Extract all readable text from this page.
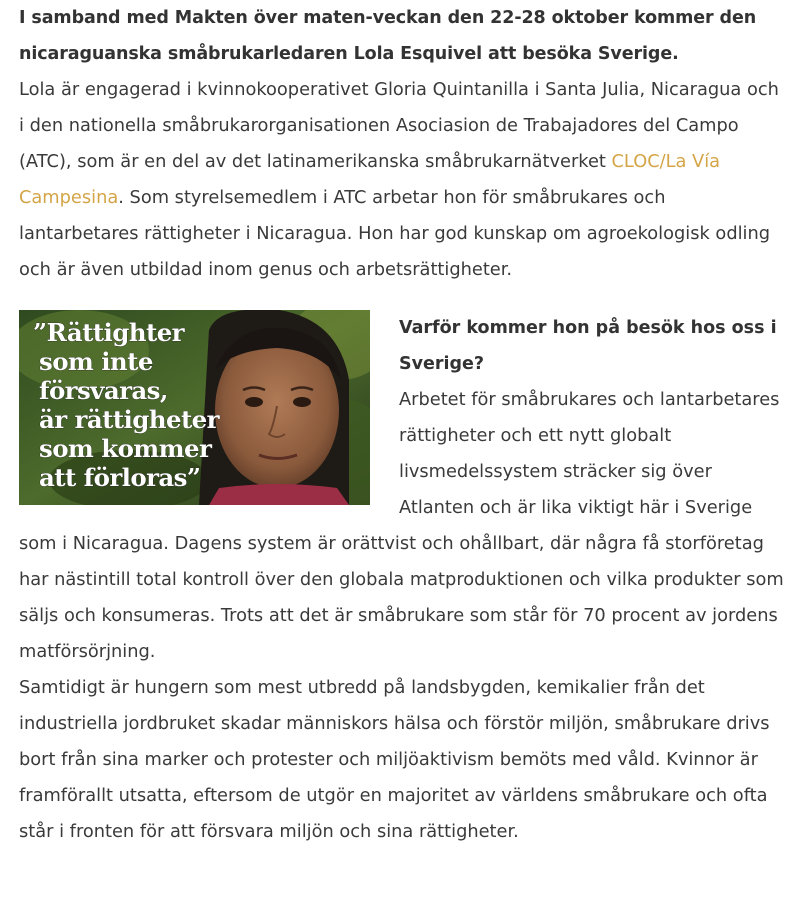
I samband med Makten över maten-veckan den 22-28 oktober kommer den nicaraguanska småbrukarledaren Lola Esquivel att besöka Sverige.

Lola är engagerad i kvinnokooperativet Gloria Quintanilla i Santa Julia, Nicaragua och i den nationella småbrukarorganisationen Asociasion de Trabajadores del Campo (ATC), som är en del av det latinamerikanska småbrukarnätverket CLOC/La Vía Campesina. Som styrelsemedlem i ATC arbetar hon för småbrukares och lantarbetares rättigheter i Nicaragua. Hon har god kunskap om agroekologisk odling och är även utbildad inom genus och arbetsrättigheter.

”Rättighter
som inte
försvaras,
är rättigheter
som kommer
att förloras”
Varför kommer hon på besök hos oss i Sverige?

Arbetet för småbrukares och lantarbetares rättigheter och ett nytt globalt livsmedelssystem sträcker sig över Atlanten och är lika viktigt här i Sverige som i Nicaragua. Dagens system är orättvist och ohållbart, där några få storföretag har nästintill total kontroll över den globala matproduktionen och vilka produkter som säljs och konsumeras. Trots att det är småbrukare som står för 70 procent av jordens matförsörjning.

Samtidigt är hungern som mest utbredd på landsbygden, kemikalier från det industriella jordbruket skadar människors hälsa och förstör miljön, småbrukare drivs bort från sina marker och protester och miljöaktivism bemöts med våld. Kvinnor är framförallt utsatta, eftersom de utgör en majoritet av världens småbrukare och ofta står i fronten för att försvara miljön och sina rättigheter.
